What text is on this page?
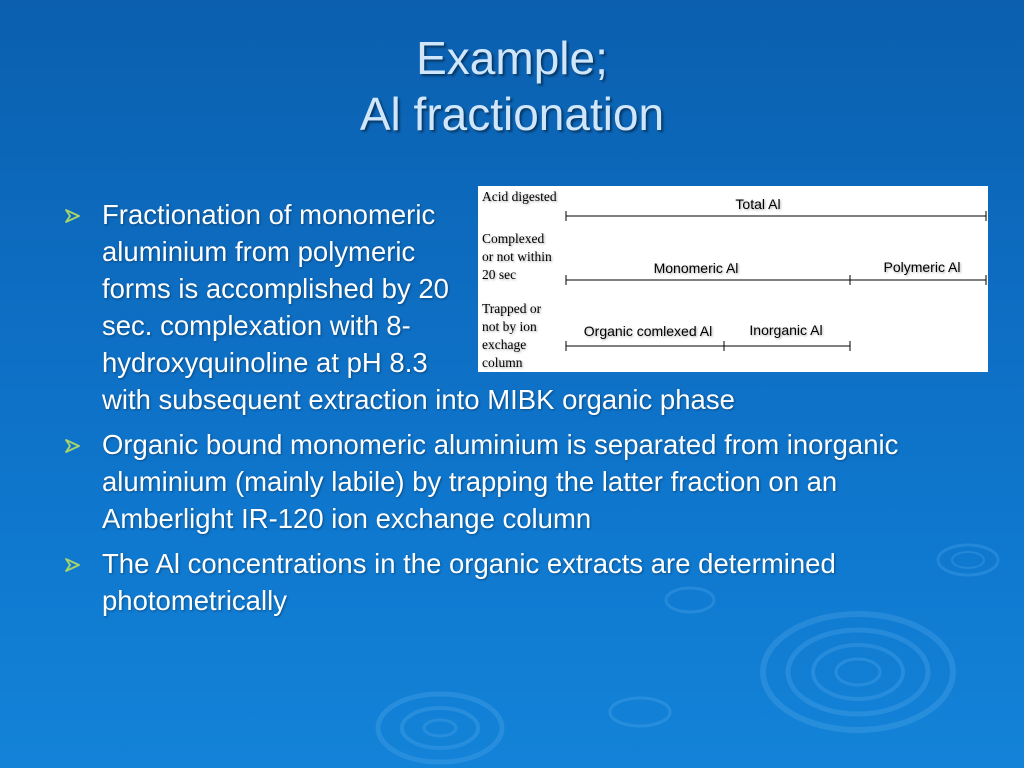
Example;
Al fractionation
Acid digested
Complexed or not within 20 sec
Trapped or not by ion exchage column
Total Al
Monomeric Al	Polymeric Al
Organic comlexed Al	Inorganic Al
Fractionation of monomeric aluminium from polymeric forms is accomplished by 20 sec. complexation with 8-hydroxyquinoline at pH 8.3 with subsequent extraction into MIBK organic phase
Organic bound monomeric aluminium is separated from inorganic aluminium (mainly labile) by trapping the latter fraction on an Amberlight IR-120 ion exchange column
The Al concentrations in the organic extracts are determined photometrically
